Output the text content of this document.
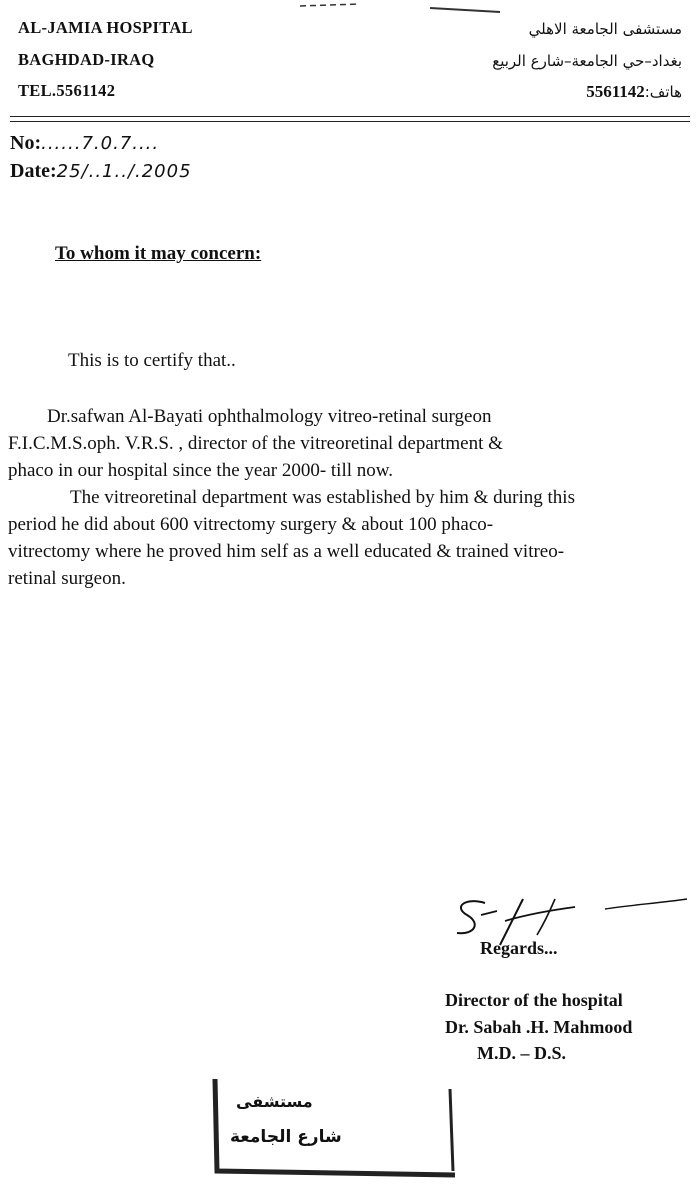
AL-JAMIA HOSPITAL
BAGHDAD-IRAQ
TEL.5561142
مستشفى الجامعة الاهلي
بغداد–حي الجامعة–شارع الربيع
هاتف:5561142
No:......7.0.7....
Date:25/..1../.2005
To whom it may concern:
This is to certify that..
Dr.safwan Al-Bayati ophthalmology vitreo-retinal surgeon
F.I.C.M.S.oph. V.R.S. , director of the vitreoretinal department &
phaco in our hospital since the year 2000- till now.
The vitreoretinal department was established by him & during this
period he did about 600 vitrectomy surgery & about 100 phaco-
vitrectomy where he proved him self as a well educated & trained vitreo-
retinal surgeon.
Regards...
Director of the hospital
Dr. Sabah .H. Mahmood
M.D. – D.S.
مستشفى
شارع الجامعة
